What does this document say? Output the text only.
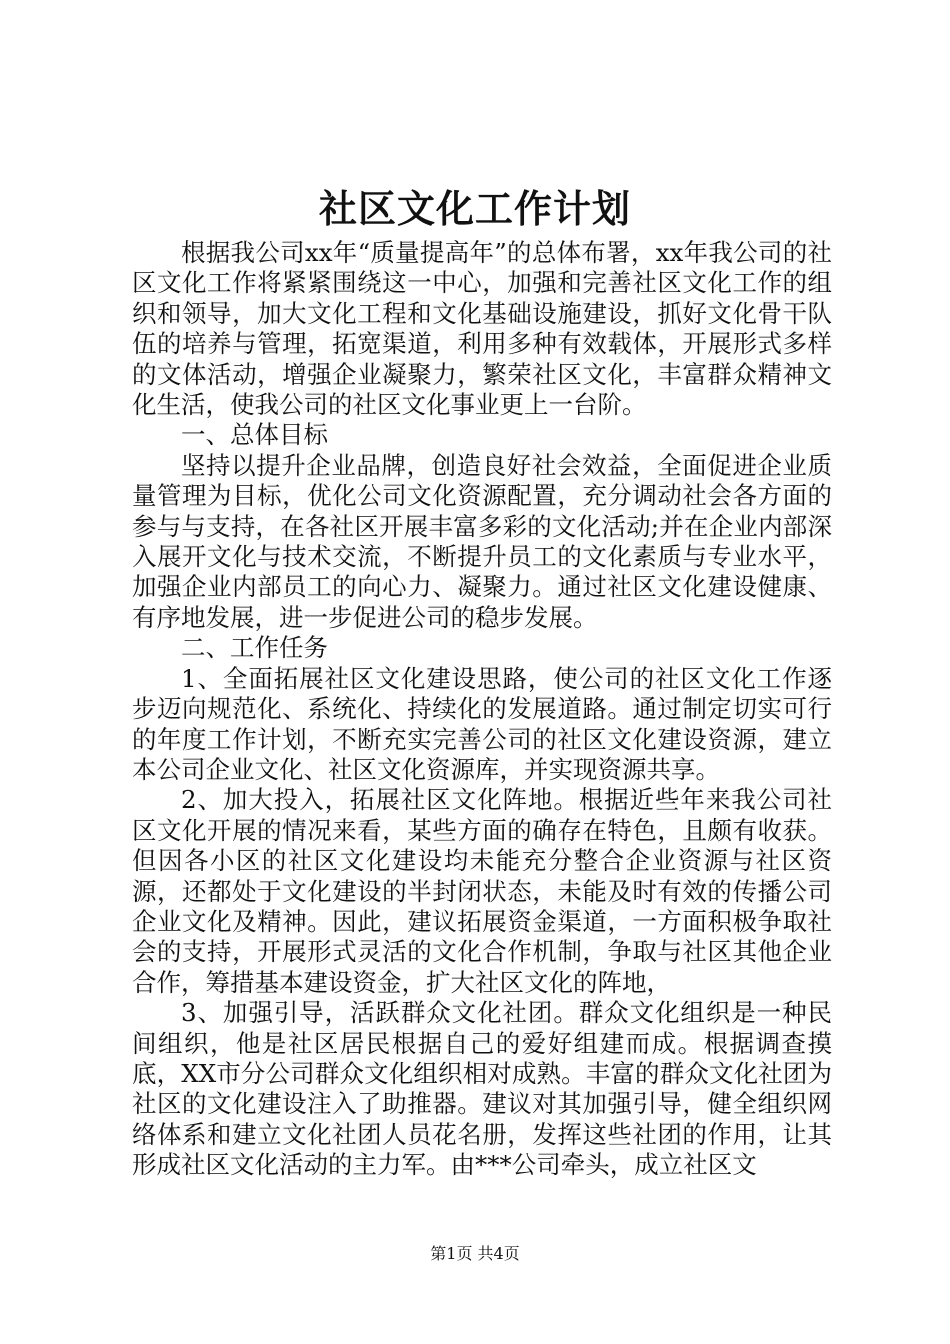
社区文化工作计划

根据我公司xx年“质量提高年”的总体布署，xx年我公司的社区文化工作将紧紧围绕这一中心，加强和完善社区文化工作的组织和领导，加大文化工程和文化基础设施建设，抓好文化骨干队伍的培养与管理，拓宽渠道，利用多种有效载体，开展形式多样的文体活动，增强企业凝聚力，繁荣社区文化，丰富群众精神文化生活，使我公司的社区文化事业更上一台阶。

一、总体目标

坚持以提升企业品牌，创造良好社会效益，全面促进企业质量管理为目标，优化公司文化资源配置，充分调动社会各方面的参与与支持，在各社区开展丰富多彩的文化活动;并在企业内部深入展开文化与技术交流，不断提升员工的文化素质与专业水平，加强企业内部员工的向心力、凝聚力。通过社区文化建设健康、有序地发展，进一步促进公司的稳步发展。

二、工作任务

1、全面拓展社区文化建设思路，使公司的社区文化工作逐步迈向规范化、系统化、持续化的发展道路。通过制定切实可行的年度工作计划，不断充实完善公司的社区文化建设资源，建立本公司企业文化、社区文化资源库，并实现资源共享。

2、加大投入，拓展社区文化阵地。根据近些年来我公司社区文化开展的情况来看，某些方面的确存在特色，且颇有收获。但因各小区的社区文化建设均未能充分整合企业资源与社区资源，还都处于文化建设的半封闭状态，未能及时有效的传播公司企业文化及精神。因此，建议拓展资金渠道，一方面积极争取社会的支持，开展形式灵活的文化合作机制，争取与社区其他企业合作，筹措基本建设资金，扩大社区文化的阵地，

3、加强引导，活跃群众文化社团。群众文化组织是一种民间组织，他是社区居民根据自己的爱好组建而成。根据调查摸底，XX市分公司群众文化组织相对成熟。丰富的群众文化社团为社区的文化建设注入了助推器。建议对其加强引导，健全组织网络体系和建立文化社团人员花名册，发挥这些社团的作用，让其形成社区文化活动的主力军。由***公司牵头，成立社区文

第1页 共4页
